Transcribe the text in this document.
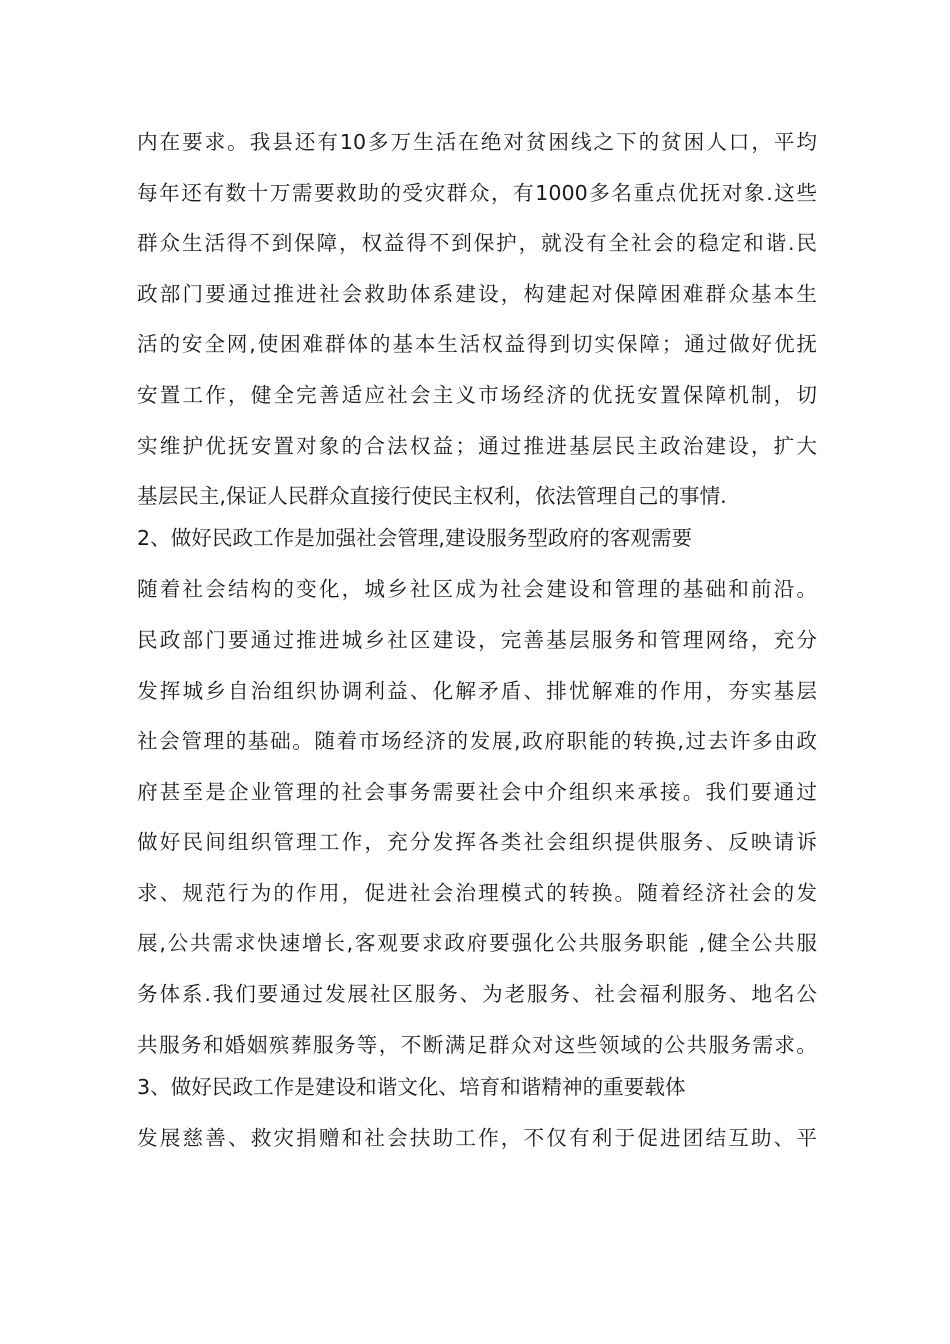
内在要求。我县还有10多万生活在绝对贫困线之下的贫困人口，平均
每年还有数十万需要救助的受灾群众，有1000多名重点优抚对象.这些
群众生活得不到保障，权益得不到保护，就没有全社会的稳定和谐.民
政部门要通过推进社会救助体系建设，构建起对保障困难群众基本生
活的安全网,使困难群体的基本生活权益得到切实保障；通过做好优抚
安置工作，健全完善适应社会主义市场经济的优抚安置保障机制，切
实维护优抚安置对象的合法权益；通过推进基层民主政治建设，扩大
基层民主,保证人民群众直接行使民主权利，依法管理自己的事情.
2、做好民政工作是加强社会管理,建设服务型政府的客观需要
随着社会结构的变化，城乡社区成为社会建设和管理的基础和前沿。
民政部门要通过推进城乡社区建设，完善基层服务和管理网络，充分
发挥城乡自治组织协调利益、化解矛盾、排忧解难的作用，夯实基层
社会管理的基础。随着市场经济的发展,政府职能的转换,过去许多由政
府甚至是企业管理的社会事务需要社会中介组织来承接。我们要通过
做好民间组织管理工作，充分发挥各类社会组织提供服务、反映请诉
求、规范行为的作用，促进社会治理模式的转换。随着经济社会的发
展,公共需求快速增长,客观要求政府要强化公共服务职能 ,健全公共服
务体系.我们要通过发展社区服务、为老服务、社会福利服务、地名公
共服务和婚姻殡葬服务等，不断满足群众对这些领域的公共服务需求。
3、做好民政工作是建设和谐文化、培育和谐精神的重要载体
发展慈善、救灾捐赠和社会扶助工作，不仅有利于促进团结互助、平
